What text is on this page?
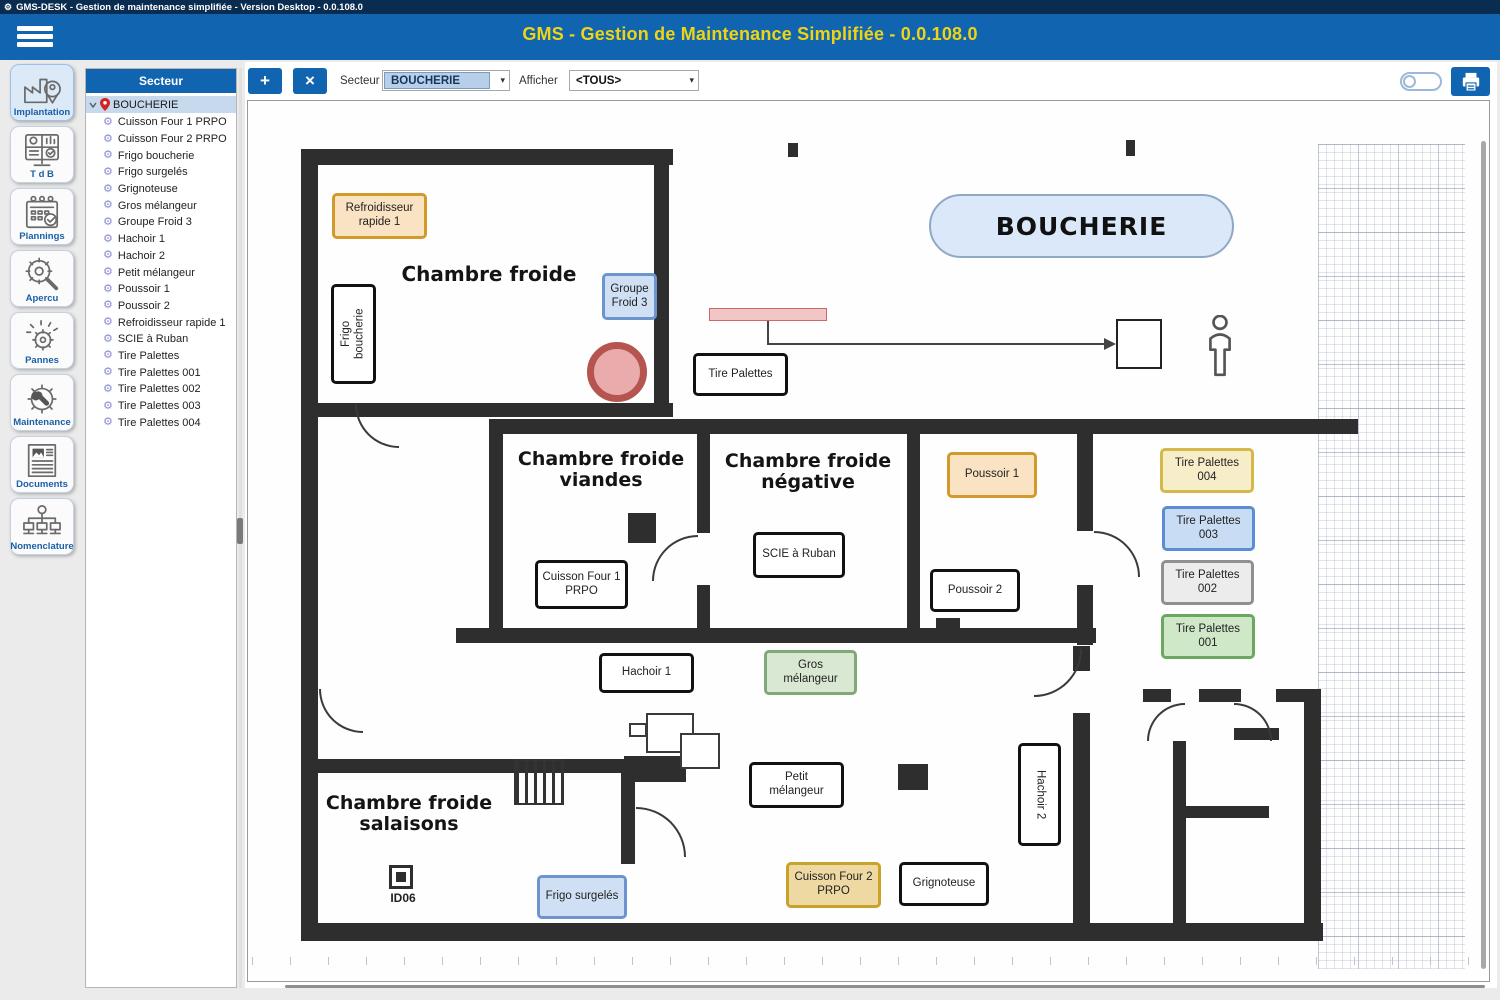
⚙ GMS-DESK - Gestion de maintenance simplifiée - Version Desktop - 0.0.108.0
GMS - Gestion de Maintenance Simplifiée - 0.0.108.0
Implantation
T d B
Plannings
Apercu
Pannes
Maintenance
Documents
Nomenclature
Secteur
BOUCHERIE
⚙ Cuisson Four 1 PRPO
⚙ Cuisson Four 2 PRPO
⚙ Frigo boucherie
⚙ Frigo surgelés
⚙ Grignoteuse
⚙ Gros mélangeur
⚙ Groupe Froid 3
⚙ Hachoir 1
⚙ Hachoir 2
⚙ Petit mélangeur
⚙ Poussoir 1
⚙ Poussoir 2
⚙ Refroidisseur rapide 1
⚙ SCIE à Ruban
⚙ Tire Palettes
⚙ Tire Palettes 001
⚙ Tire Palettes 002
⚙ Tire Palettes 003
⚙ Tire Palettes 004
+	×	Secteur BOUCHERIE	▾ Afficher	<TOUS>	▾
BOUCHERIE
ID06
Chambre froide
Chambre froide
viandes
Chambre froide
négative
Chambre froide
salaisons
Refroidisseur
rapide 1
Frigo
boucherie
Groupe
Froid 3
Tire Palettes
Poussoir 1
Poussoir 2
SCIE à Ruban
Cuisson Four 1
PRPO
Hachoir 1
Gros
mélangeur
Petit
mélangeur	Hachoir 2
Frigo surgelés
Cuisson Four 2
PRPO
Grignoteuse
Tire Palettes
004
Tire Palettes
003
Tire Palettes
002
Tire Palettes
001
